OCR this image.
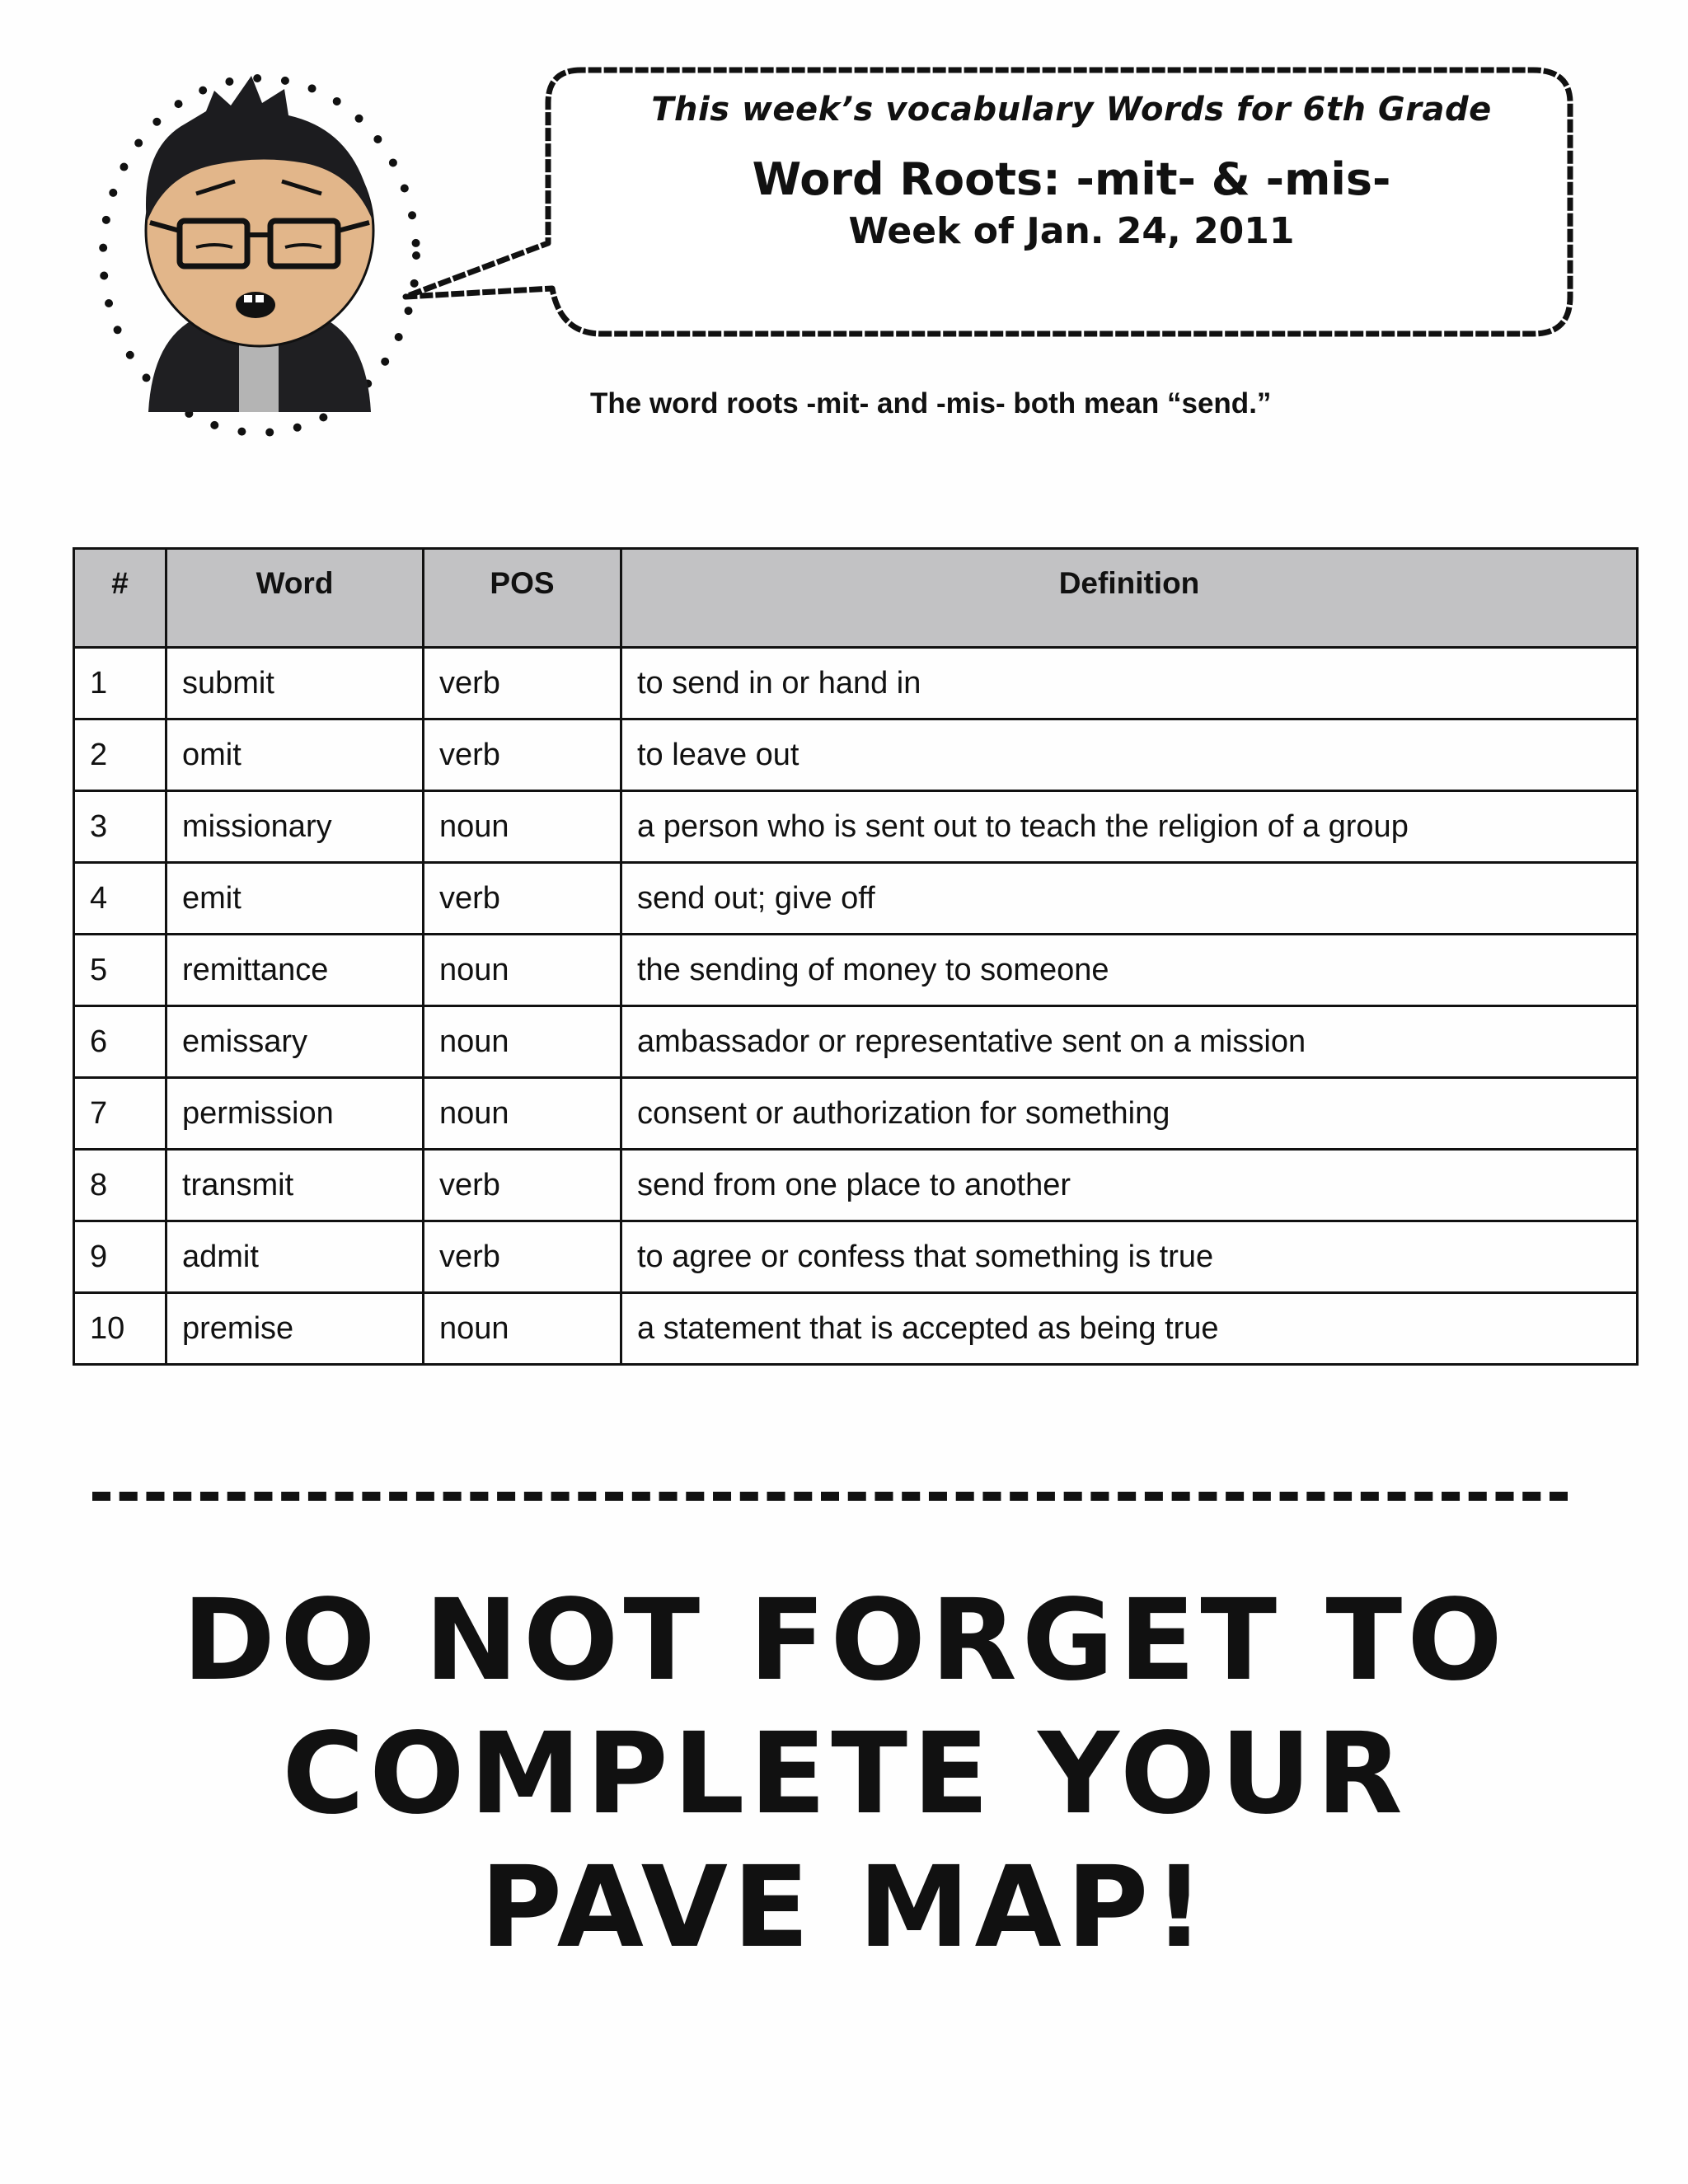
This week’s vocabulary Words for 6th Grade
Word Roots: -mit- & -mis-
Week of Jan. 24, 2011
The word roots -mit- and -mis- both mean “send.”
#	Word	POS	Definition
1	submit	verb	to send in or hand in
2	omit	verb	to leave out
3	missionary	noun	a person who is sent out to teach the religion of a group
4	emit	verb	send out; give off
5	remittance	noun	the sending of money to someone
6	emissary	noun	ambassador or representative sent on a mission
7	permission	noun	consent or authorization for something
8	transmit	verb	send from one place to another
9	admit	verb	to agree or confess that something is true
10	premise	noun	a statement that is accepted as being true
DO NOT FORGET TO
COMPLETE YOUR
PAVE MAP!
